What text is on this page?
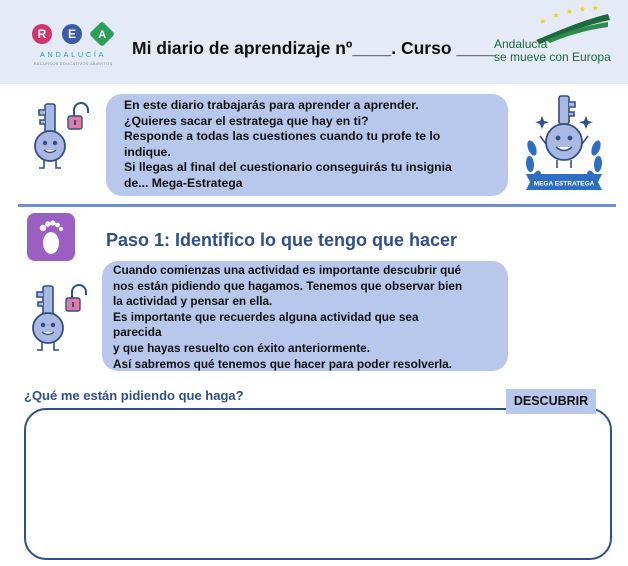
R	E	A
ANDALUCÍA
RECURSOS EDUCATIVOS ABIERTOS
Mi diario de aprendizaje nº____. Curso ____
Andalucía
se mueve con Europa
En este diario trabajarás para aprender a aprender.
¿Quieres sacar el estratega que hay en ti?
Responde a todas las cuestiones cuando tu profe te lo
indique.
Si llegas al final del cuestionario conseguirás tu insignia
de... Mega-Estratega	MEGA ESTRATEGA
Paso 1: Identifico lo que tengo que hacer
Cuando comienzas una actividad es importante descubrir qué
nos están pidiendo que hagamos. Tenemos que observar bien
la actividad y pensar en ella.
Es importante que recuerdes alguna actividad que sea
parecida
y que hayas resuelto con éxito anteriormente.
Así sabremos qué tenemos que hacer para poder resolverla.
¿Qué me están pidiendo que haga?	DESCUBRIR
